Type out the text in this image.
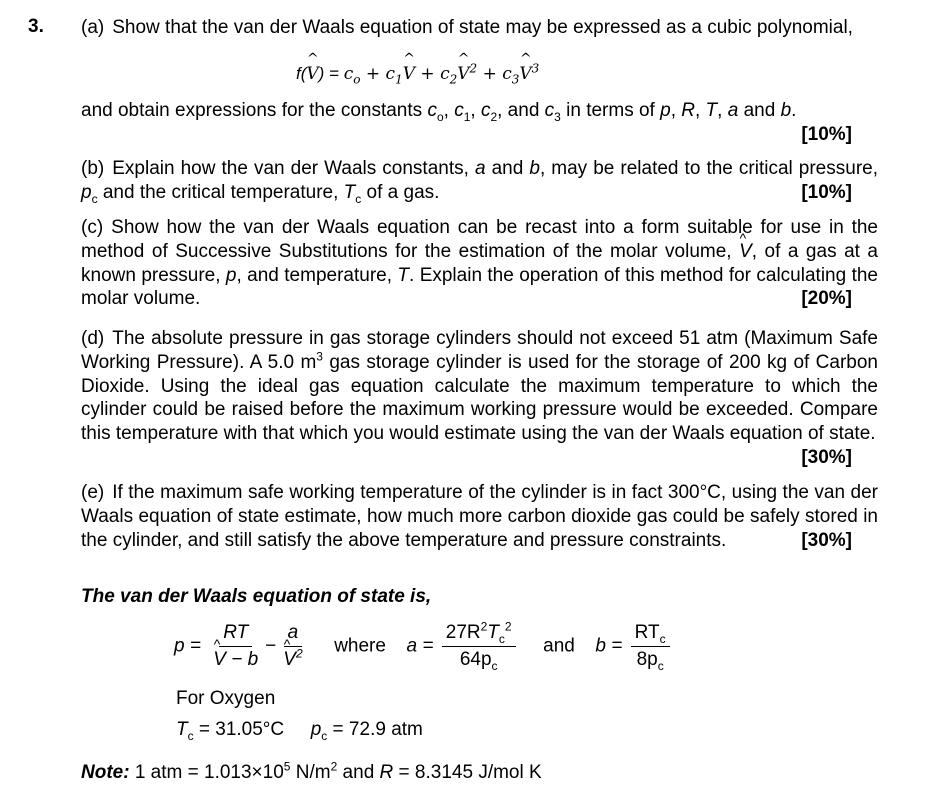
3. (a) Show that the van der Waals equation of state may be expressed as a cubic polynomial,
f(^ $V) = c_o$ + $c_1\^{}$ $V + c_2\^{}$ $V^2$ + $c_3\^{}$ $V^3$
and obtain expressions for the constants $c_o$, $c_1$, $c_2$, and $c_3$ in terms of p, R, T, a and b.
[10%]
(b) Explain how the van der Waals constants, a and b, may be related to the critical pressure, $p_c$ and the critical temperature, $T_c$ of a gas.	[10%]
(c) Show how the van der Waals equation can be recast into a form suitable for use in the method of Successive Substitutions for the estimation of the molar volume, ^ V, of a gas at a known pressure, p, and temperature, T. Explain the operation of this method for calculating the molar volume.	[20%]
(d) The absolute pressure in gas storage cylinders should not exceed 51 atm (Maximum Safe Working Pressure). A 5.0 $m^3$ gas storage cylinder is used for the storage of 200 kg of Carbon Dioxide. Using the ideal gas equation calculate the maximum temperature to which the cylinder could be raised before the maximum working pressure would be exceeded. Compare this temperature with that which you would estimate using the van der Waals equation of state.
[30%]
(e) If the maximum safe working temperature of the cylinder is in fact 300°C, using the van der Waals equation of state estimate, how much more carbon dioxide gas could be safely stored in the cylinder, and still satisfy the above temperature and pressure constraints.	[30%]
The van der Waals equation of state is,
p = RT
^ V − b − a
^ $V^2$ where $a = \frac{27R^2T_c^2}{64p_c}$ and $b = \frac{RT_c}{8p_c}$
For Oxygen
$T_c = 31.05^\circ C$ $p_c = 72.9$ atm
Note: 1 atm = $1.013\times 10^5$ $N/m^2$ and R = 8.3145 J/mol K
